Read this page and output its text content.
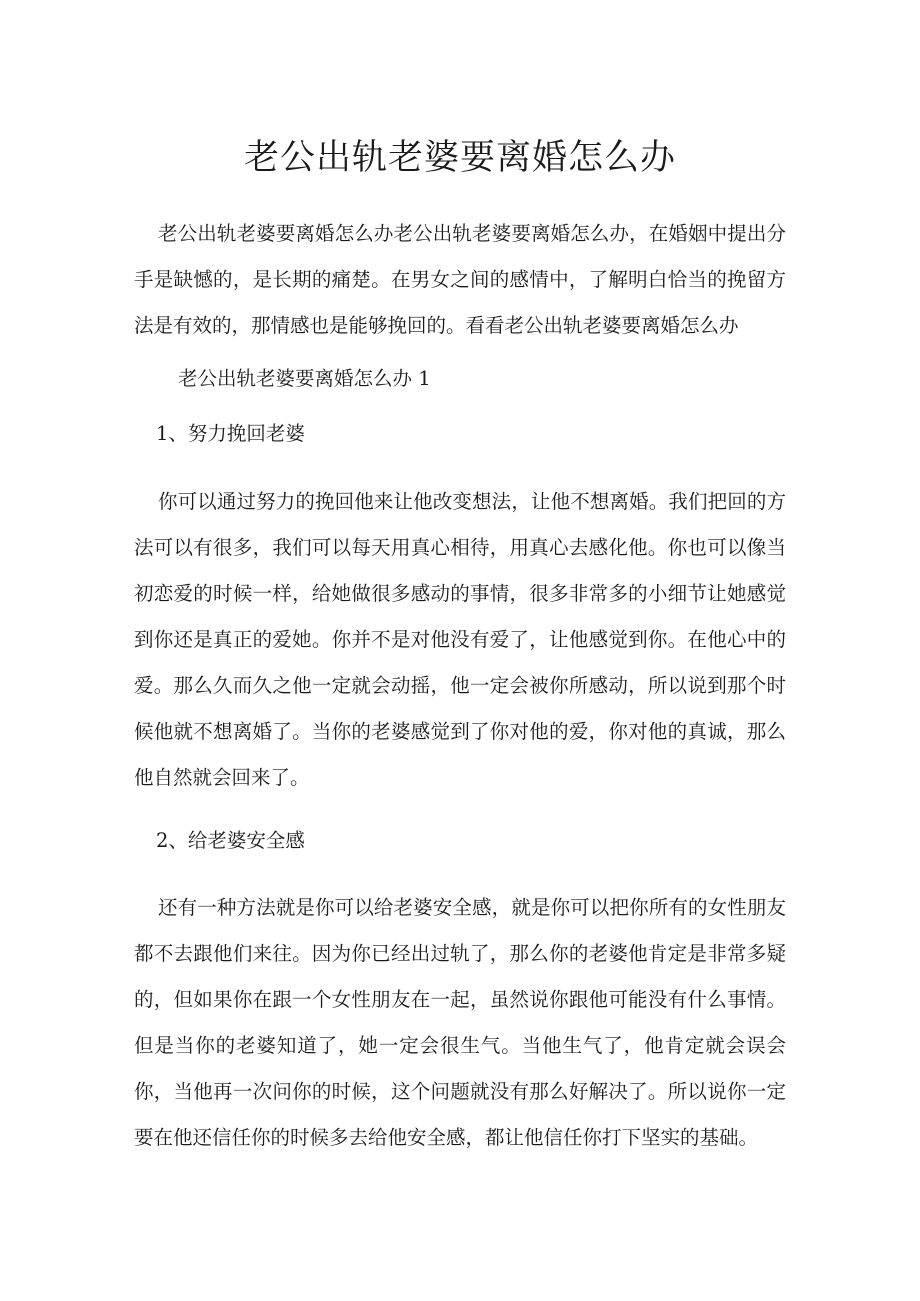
老公出轨老婆要离婚怎么办

老公出轨老婆要离婚怎么办老公出轨老婆要离婚怎么办，在婚姻中提出分手是缺憾的，是长期的痛楚。在男女之间的感情中，了解明白恰当的挽留方法是有效的，那情感也是能够挽回的。看看老公出轨老婆要离婚怎么办

老公出轨老婆要离婚怎么办 1

1、努力挽回老婆

你可以通过努力的挽回他来让他改变想法，让他不想离婚。我们把回的方法可以有很多，我们可以每天用真心相待，用真心去感化他。你也可以像当初恋爱的时候一样，给她做很多感动的事情，很多非常多的小细节让她感觉到你还是真正的爱她。你并不是对他没有爱了，让他感觉到你。在他心中的爱。那么久而久之他一定就会动摇，他一定会被你所感动，所以说到那个时候他就不想离婚了。当你的老婆感觉到了你对他的爱，你对他的真诚，那么他自然就会回来了。

2、给老婆安全感

还有一种方法就是你可以给老婆安全感，就是你可以把你所有的女性朋友都不去跟他们来往。因为你已经出过轨了，那么你的老婆他肯定是非常多疑的，但如果你在跟一个女性朋友在一起，虽然说你跟他可能没有什么事情。但是当你的老婆知道了，她一定会很生气。当他生气了，他肯定就会误会你，当他再一次问你的时候，这个问题就没有那么好解决了。所以说你一定要在他还信任你的时候多去给他安全感，都让他信任你打下坚实的基础。
